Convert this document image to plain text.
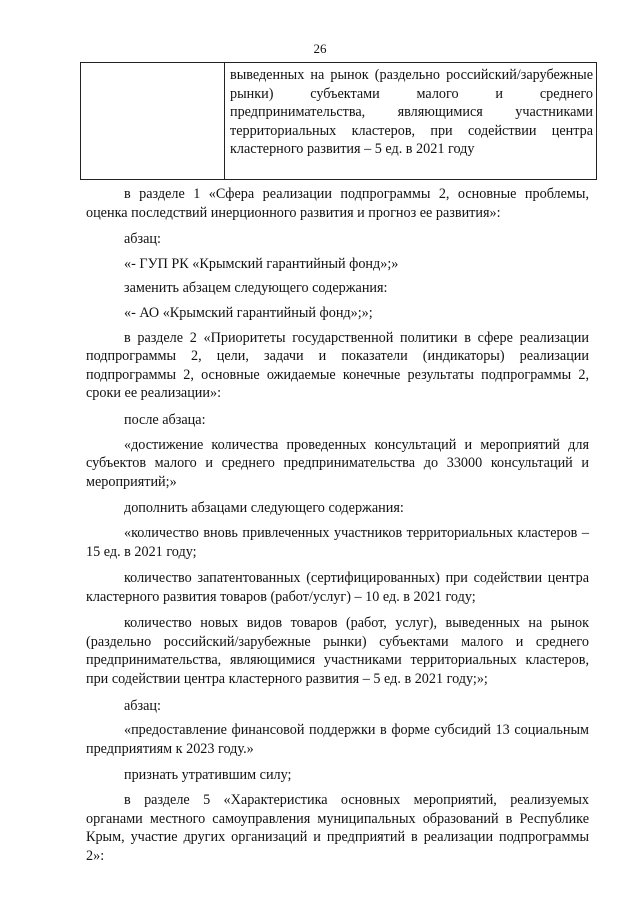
26
выведенных на рынок (раздельно российский/зарубежные рынки) субъектами малого и среднего предпринимательства, являющимися участниками территориальных кластеров, при содействии центра кластерного развития – 5 ед. в 2021 году

в разделе 1 «Сфера реализации подпрограммы 2, основные проблемы, оценка последствий инерционного развития и прогноз ее развития»:

абзац:

«- ГУП РК «Крымский гарантийный фонд»;»

заменить абзацем следующего содержания:

«- АО «Крымский гарантийный фонд»;»;

в разделе 2 «Приоритеты государственной политики в сфере реализации подпрограммы 2, цели, задачи и показатели (индикаторы) реализации подпрограммы 2, основные ожидаемые конечные результаты подпрограммы 2, сроки ее реализации»:

после абзаца:

«достижение количества проведенных консультаций и мероприятий для субъектов малого и среднего предпринимательства до 33000 консультаций и мероприятий;»

дополнить абзацами следующего содержания:

«количество вновь привлеченных участников территориальных кластеров – 15 ед. в 2021 году;

количество запатентованных (сертифицированных) при содействии центра кластерного развития товаров (работ/услуг) – 10 ед. в 2021 году;

количество новых видов товаров (работ, услуг), выведенных на рынок (раздельно российский/зарубежные рынки) субъектами малого и среднего предпринимательства, являющимися участниками территориальных кластеров, при содействии центра кластерного развития – 5 ед. в 2021 году;»;

абзац:

«предоставление финансовой поддержки в форме субсидий 13 социальным предприятиям к 2023 году.»

признать утратившим силу;

в разделе 5 «Характеристика основных мероприятий, реализуемых органами местного самоуправления муниципальных образований в Республике Крым, участие других организаций и предприятий в реализации подпрограммы 2»:
